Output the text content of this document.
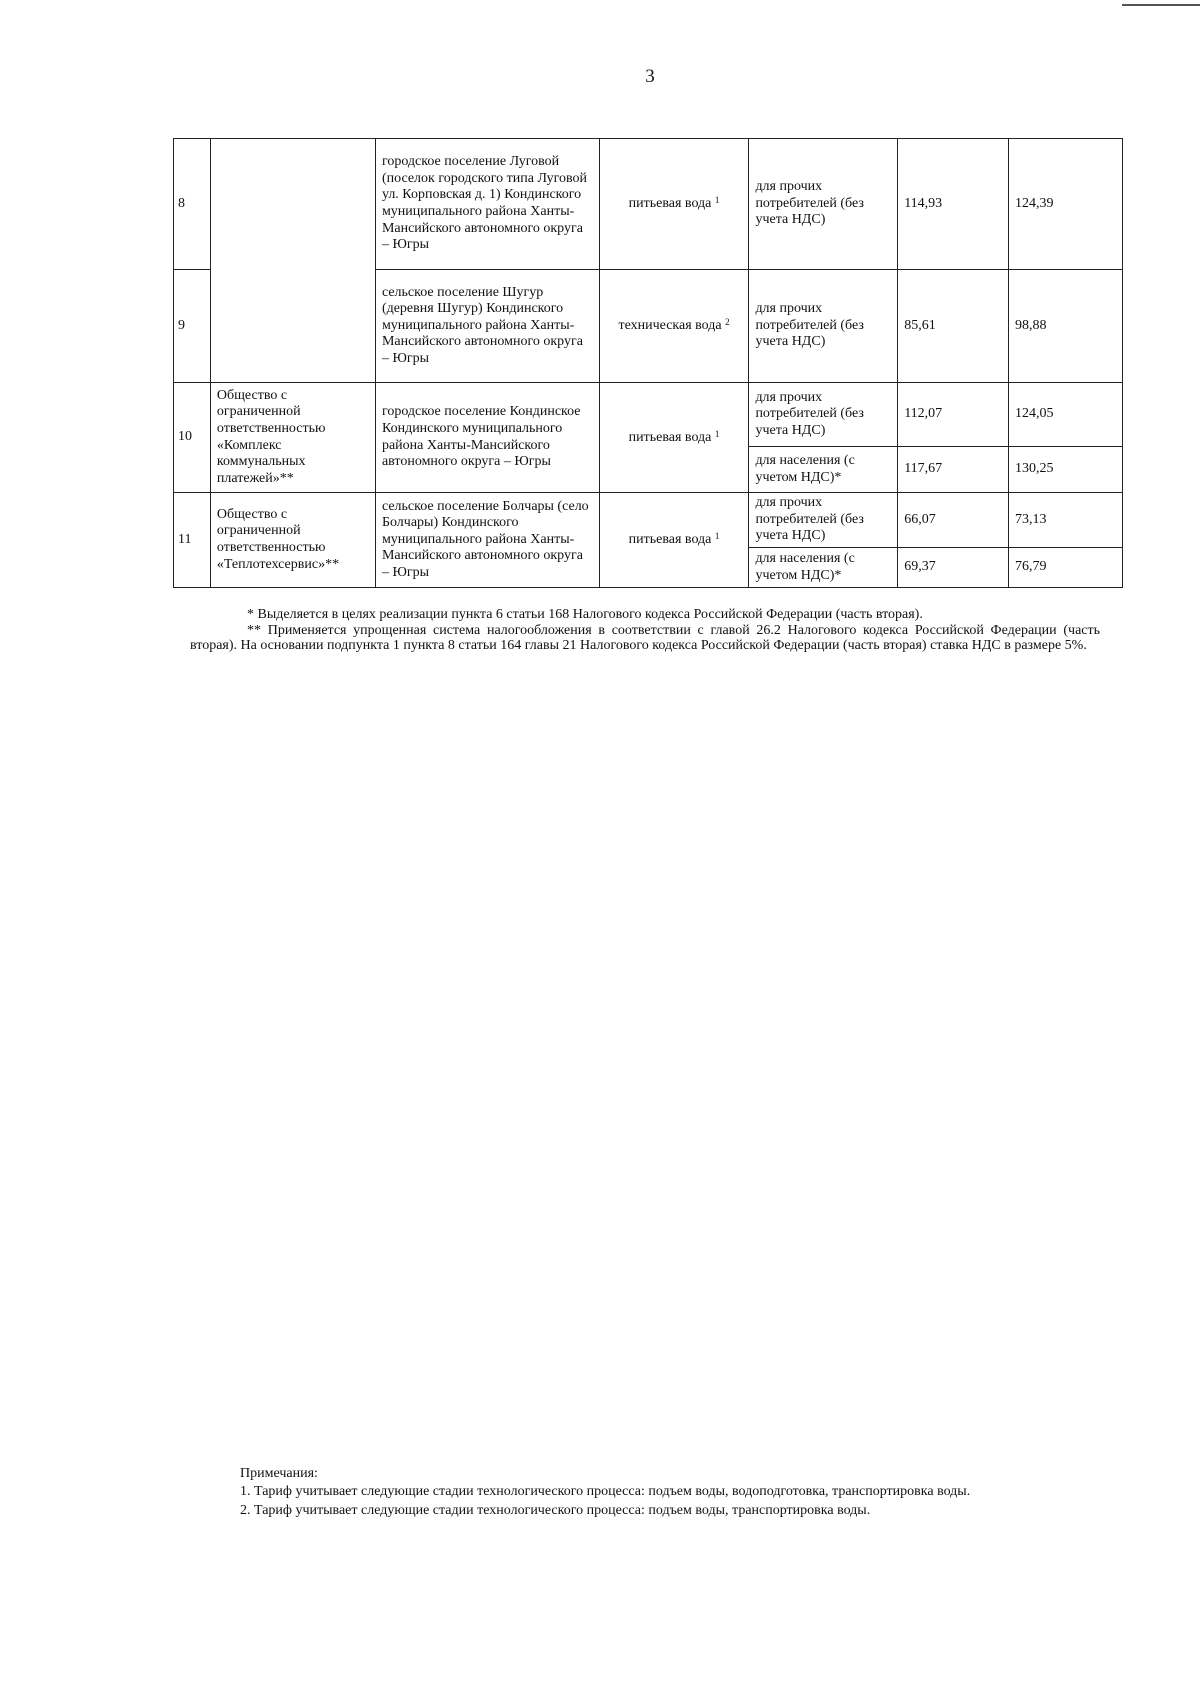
3
8		городское поселение Луговой (поселок городского типа Луговой ул. Корповская д. 1) Кондинского муниципального района Ханты-Мансийского автономного округа – Югры	питьевая вода $^1$	для прочих потребителей (без учета НДС)	114,93	124,39
9		сельское поселение Шугур (деревня Шугур) Кондинского муниципального района Ханты-Мансийского автономного округа – Югры	техническая вода $^2$	для прочих потребителей (без учета НДС)	85,61	98,88
10	Общество с ограниченной ответственностью «Комплекс коммунальных платежей»**	городское поселение Кондинское Кондинского муниципального района Ханты-Мансийского автономного округа – Югры	питьевая вода $^1$	для прочих потребителей (без учета НДС)	112,07	124,05
				для населения (с учетом НДС)*	117,67	130,25
11	Общество с ограниченной ответственностью «Теплотехсервис»**	сельское поселение Болчары (село Болчары) Кондинского муниципального района Ханты-Мансийского автономного округа – Югры	питьевая вода $^1$	для прочих потребителей (без учета НДС)	66,07	73,13
				для населения (с учетом НДС)*	69,37	76,79

* Выделяется в целях реализации пункта 6 статьи 168 Налогового кодекса Российской Федерации (часть вторая).

** Применяется упрощенная система налогообложения в соответствии с главой 26.2 Налогового кодекса Российской Федерации (часть вторая). На основании подпункта 1 пункта 8 статьи 164 главы 21 Налогового кодекса Российской Федерации (часть вторая) ставка НДС в размере 5%.

Примечания:

1. Тариф учитывает следующие стадии технологического процесса: подъем воды, водоподготовка, транспортировка воды.

2. Тариф учитывает следующие стадии технологического процесса: подъем воды, транспортировка воды.
